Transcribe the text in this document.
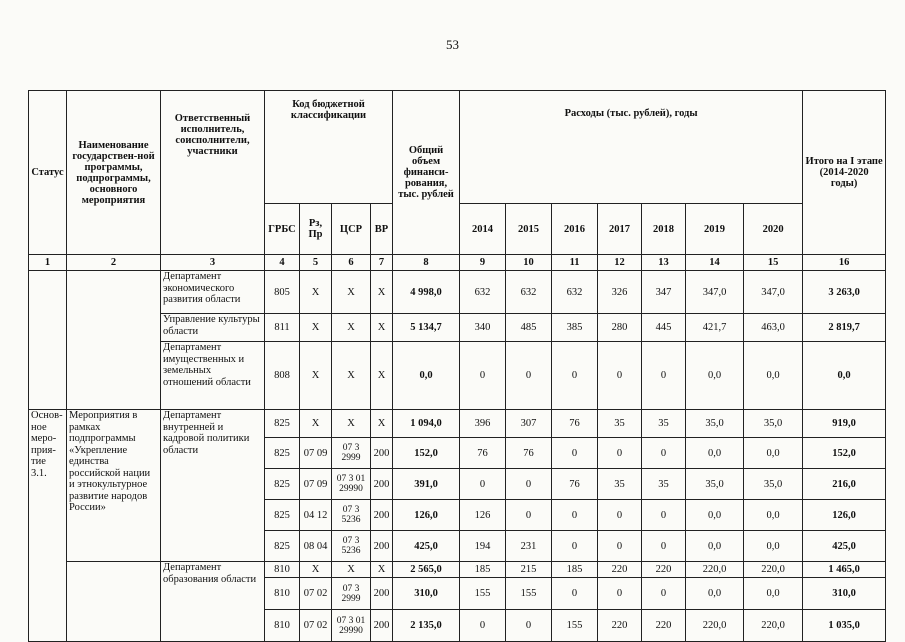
53
Статус	Наименование государствен-ной программы, подпрограммы, основного мероприятия	Ответственный исполнитель, соисполнители, участники	Код бюджетной классификации				Общий объем финанси-рования, тыс. рублей	Расходы (тыс. рублей), годы							Итого на I этапе (2014-2020 годы)
			ГРБС	Рз, Пр	ЦСР	ВР		2014	2015	2016	2017	2018	2019	2020	
1	2	3	4	5	6	7	8	9	10	11	12	13	14	15	16
		Департамент экономического развития области	805	Х	Х	Х	4 998,0	632	632	632	326	347	347,0	347,0	3 263,0
		Управление культуры области	811	Х	Х	Х	5 134,7	340	485	385	280	445	421,7	463,0	2 819,7
		Департамент имущественных и земельных отношений области	808	Х	Х	Х	0,0	0	0	0	0	0	0,0	0,0	0,0
Основ-ное меро-прия-тие 3.1.	Мероприятия в рамках подпрограммы «Укрепление единства российской нации и этнокультурное развитие народов России»	Департамент внутренней и кадровой политики области	825	Х	Х	Х	1 094,0	396	307	76	35	35	35,0	35,0	919,0
			825	07 09	07 3 2999	200	152,0	76	76	0	0	0	0,0	0,0	152,0
			825	07 09	07 3 01 29990	200	391,0	0	0	76	35	35	35,0	35,0	216,0
			825	04 12	07 3 5236	200	126,0	126	0	0	0	0	0,0	0,0	126,0
			825	08 04	07 3 5236	200	425,0	194	231	0	0	0	0,0	0,0	425,0
		Департамент образования области	810	Х	Х	Х	2 565,0	185	215	185	220	220	220,0	220,0	1 465,0
			810	07 02	07 3 2999	200	310,0	155	155	0	0	0	0,0	0,0	310,0
			810	07 02	07 3 01 29990	200	2 135,0	0	0	155	220	220	220,0	220,0	1 035,0
